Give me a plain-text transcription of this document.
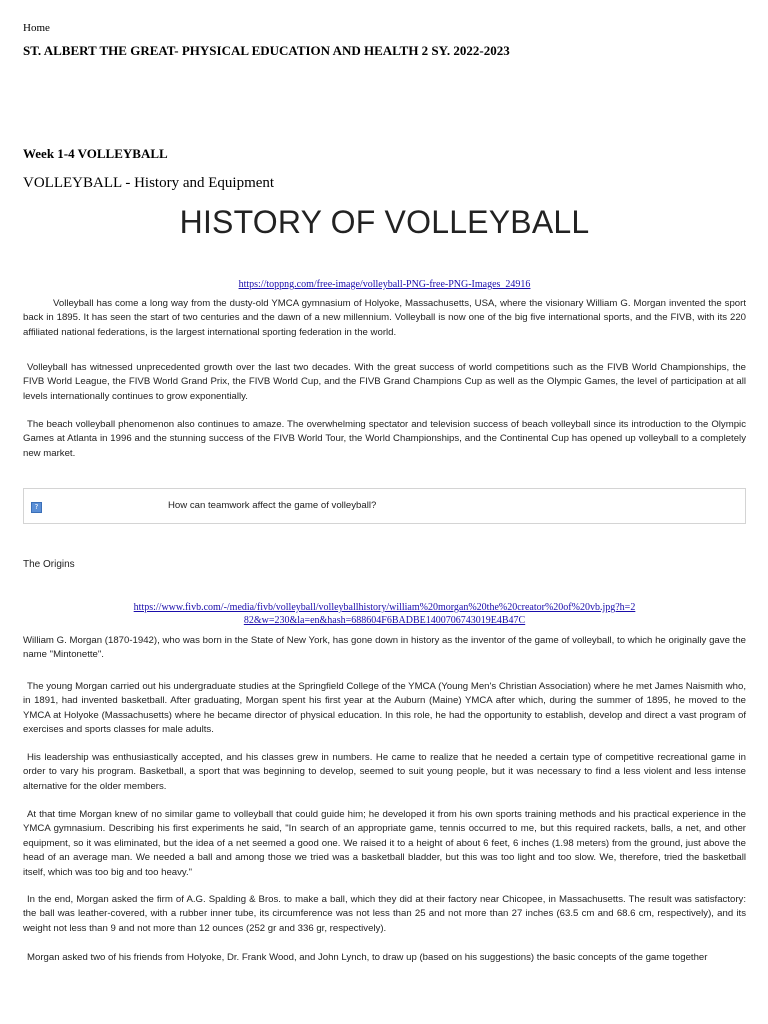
Home
ST. ALBERT THE GREAT- PHYSICAL EDUCATION AND HEALTH 2 SY. 2022-2023
Week 1-4 VOLLEYBALL
VOLLEYBALL - History and Equipment
HISTORY OF VOLLEYBALL
https://toppng.com/free-image/volleyball-PNG-free-PNG-Images_24916

Volleyball has come a long way from the dusty-old YMCA gymnasium of Holyoke, Massachusetts, USA, where the visionary William G. Morgan invented the sport back in 1895. It has seen the start of two centuries and the dawn of a new millennium. Volleyball is now one of the big five international sports, and the FIVB, with its 220 affiliated national federations, is the largest international sporting federation in the world.

Volleyball has witnessed unprecedented growth over the last two decades. With the great success of world competitions such as the FIVB World Championships, the FIVB World League, the FIVB World Grand Prix, the FIVB World Cup, and the FIVB Grand Champions Cup as well as the Olympic Games, the level of participation at all levels internationally continues to grow exponentially.

The beach volleyball phenomenon also continues to amaze. The overwhelming spectator and television success of beach volleyball since its introduction to the Olympic Games at Atlanta in 1996 and the stunning success of the FIVB World Tour, the World Championships, and the Continental Cup has opened up volleyball to a completely new market.

?	How can teamwork affect the game of volleyball?
The Origins
https://www.fivb.com/-/media/fivb/volleyball/volleyballhistory/william%20morgan%20the%20creator%20of%20vb.jpg?h=282&w=230&la=en&hash=688604F6BADBE1400706743019E4B47C

William G. Morgan (1870-1942), who was born in the State of New York, has gone down in history as the inventor of the game of volleyball, to which he originally gave the name "Mintonette".

The young Morgan carried out his undergraduate studies at the Springfield College of the YMCA (Young Men's Christian Association) where he met James Naismith who, in 1891, had invented basketball. After graduating, Morgan spent his first year at the Auburn (Maine) YMCA after which, during the summer of 1895, he moved to the YMCA at Holyoke (Massachusetts) where he became director of physical education. In this role, he had the opportunity to establish, develop and direct a vast program of exercises and sports classes for male adults.

His leadership was enthusiastically accepted, and his classes grew in numbers. He came to realize that he needed a certain type of competitive recreational game in order to vary his program. Basketball, a sport that was beginning to develop, seemed to suit young people, but it was necessary to find a less violent and less intense alternative for the older members.

At that time Morgan knew of no similar game to volleyball that could guide him; he developed it from his own sports training methods and his practical experience in the YMCA gymnasium. Describing his first experiments he said, "In search of an appropriate game, tennis occurred to me, but this required rackets, balls, a net, and other equipment, so it was eliminated, but the idea of a net seemed a good one. We raised it to a height of about 6 feet, 6 inches (1.98 meters) from the ground, just above the head of an average man. We needed a ball and among those we tried was a basketball bladder, but this was too light and too slow. We, therefore, tried the basketball itself, which was too big and too heavy."

In the end, Morgan asked the firm of A.G. Spalding & Bros. to make a ball, which they did at their factory near Chicopee, in Massachusetts. The result was satisfactory: the ball was leather-covered, with a rubber inner tube, its circumference was not less than 25 and not more than 27 inches (63.5 cm and 68.6 cm, respectively), and its weight not less than 9 and not more than 12 ounces (252 gr and 336 gr, respectively).

Morgan asked two of his friends from Holyoke, Dr. Frank Wood, and John Lynch, to draw up (based on his suggestions) the basic concepts of the game together
